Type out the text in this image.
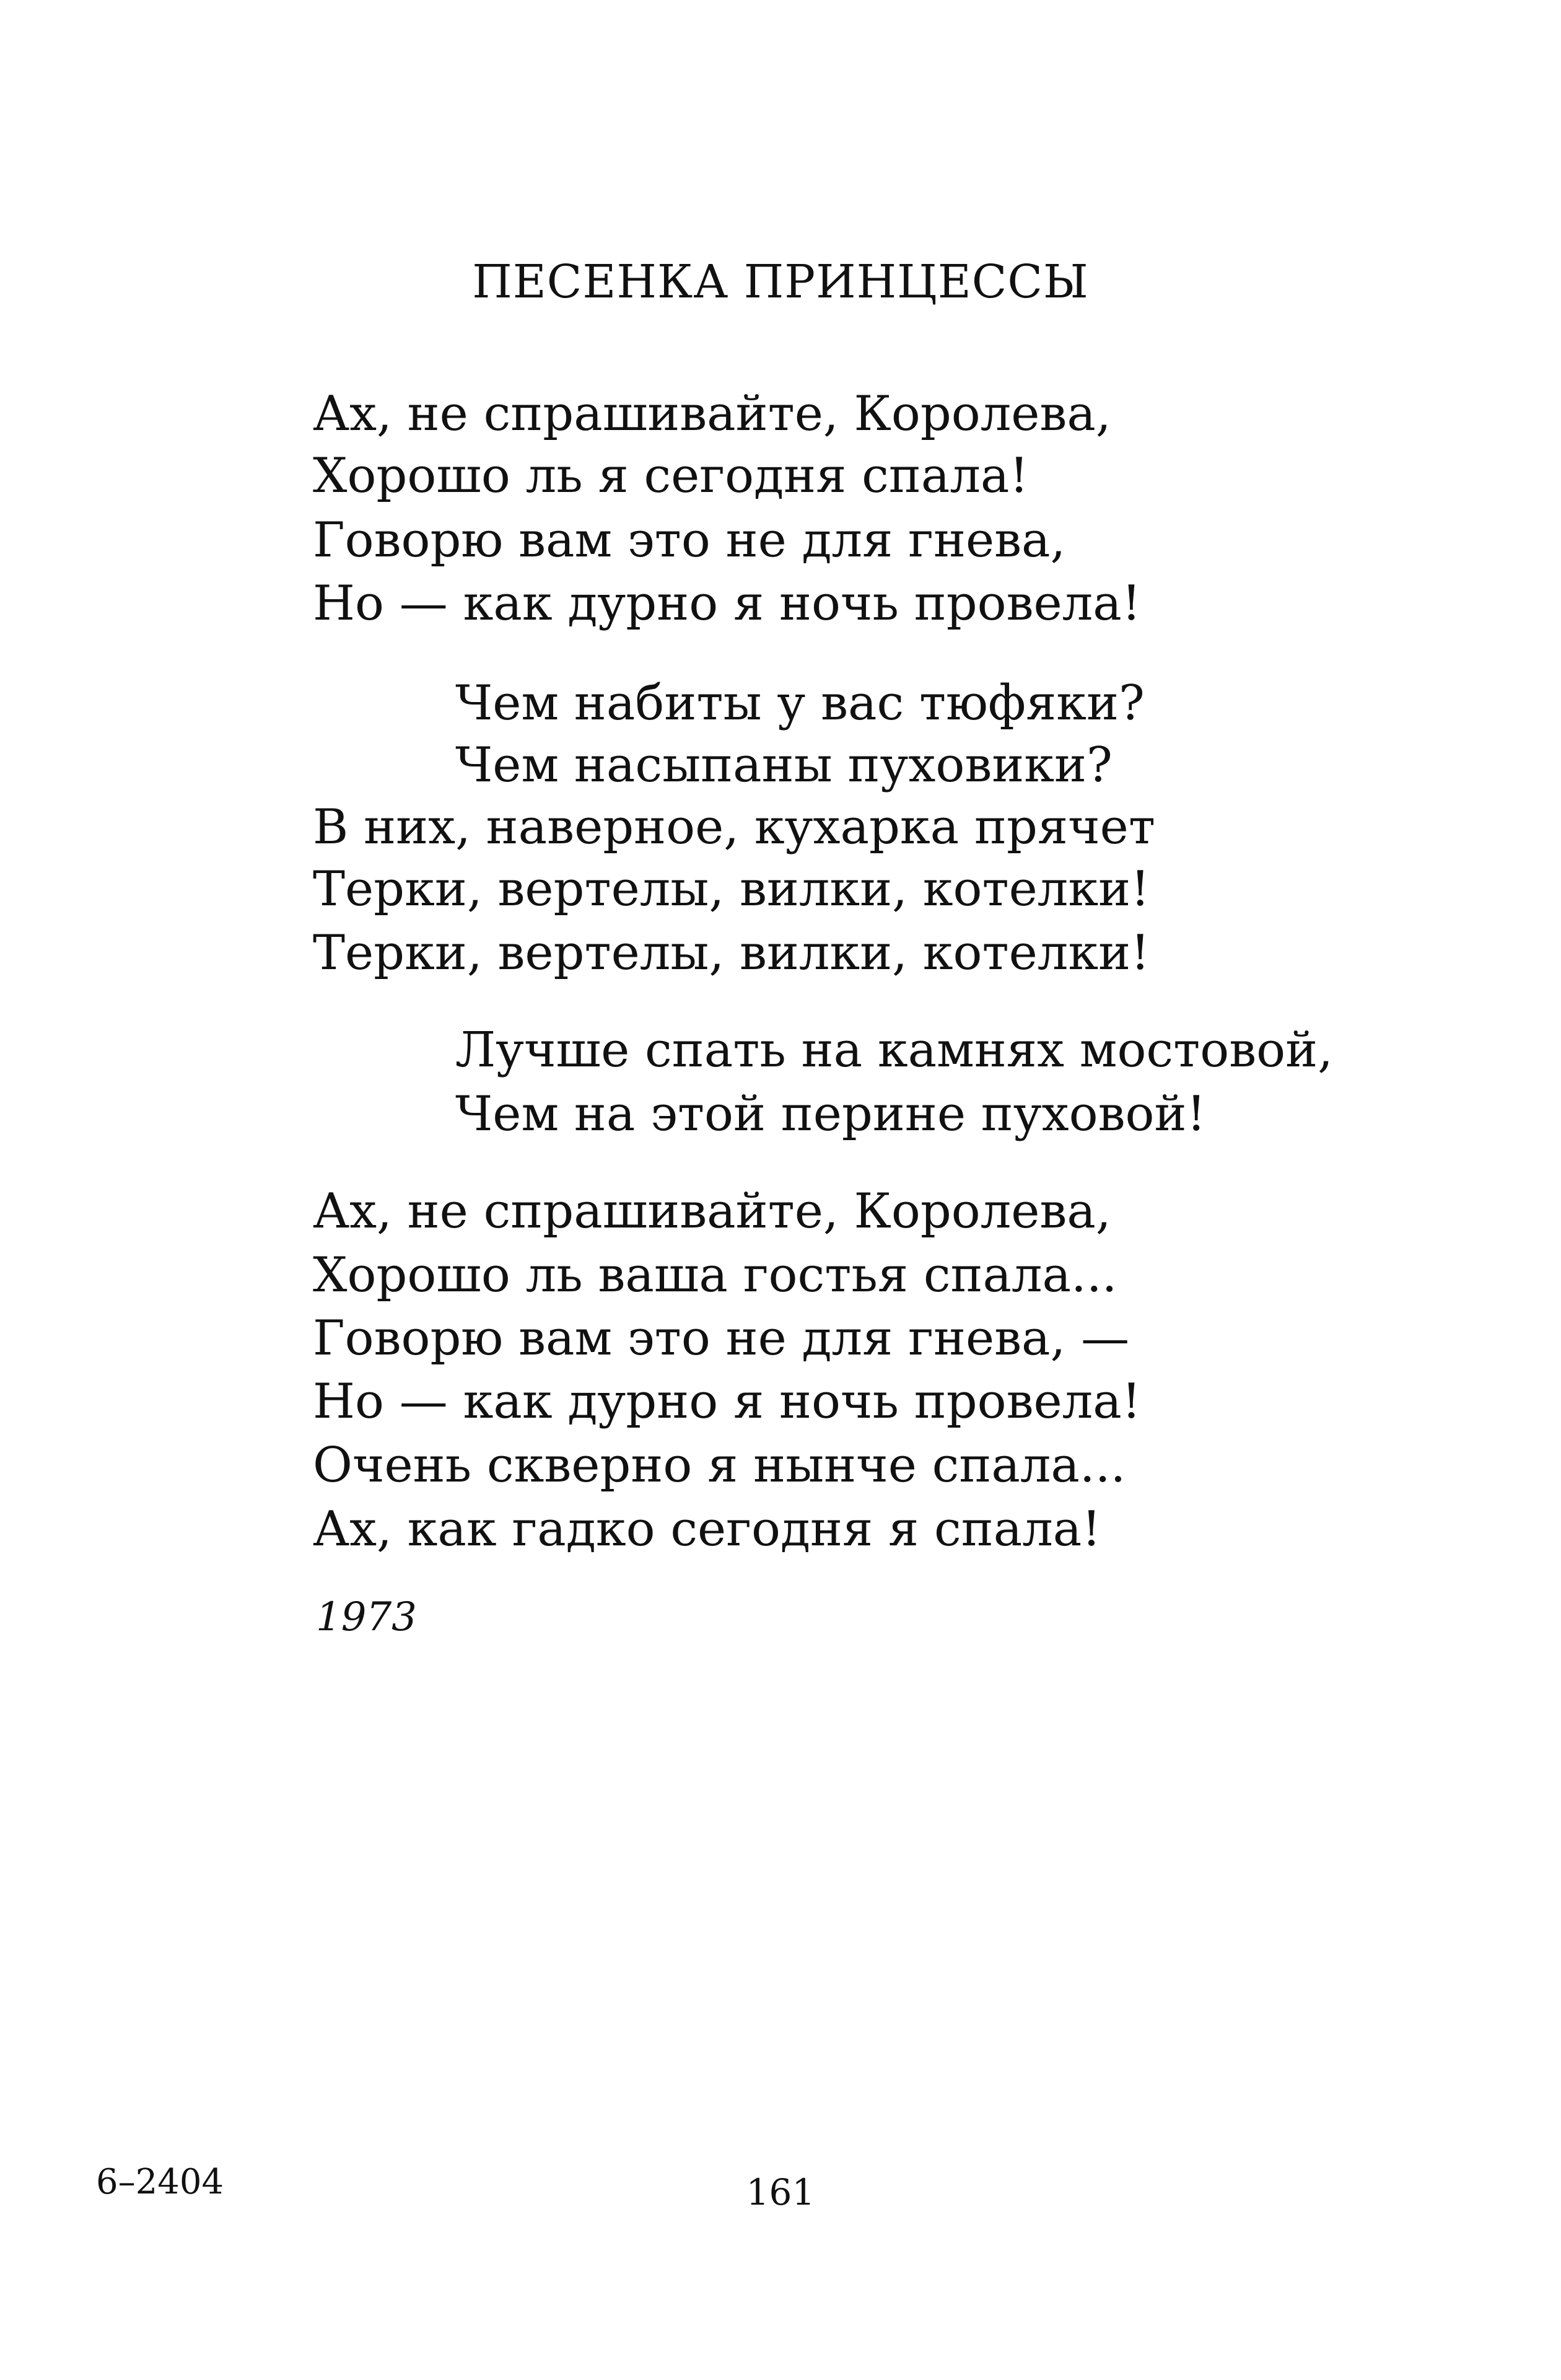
ПЕСЕНКА ПРИНЦЕССЫ
Ах, не спрашивайте, Королева,
Хорошо ль я сегодня спала!
Говорю вам это не для гнева,
Но — как дурно я ночь провела!
Чем набиты у вас тюфяки?
Чем насыпаны пуховики?
В них, наверное, кухарка прячет
Терки, вертелы, вилки, котелки!
Терки, вертелы, вилки, котелки!
Лучше спать на камнях мостовой,
Чем на этой перине пуховой!
Ах, не спрашивайте, Королева,
Хорошо ль ваша гостья спала...
Говорю вам это не для гнева, —
Но — как дурно я ночь провела!
Очень скверно я нынче спала...
Ах, как гадко сегодня я спала!
1973
6–2404	161
